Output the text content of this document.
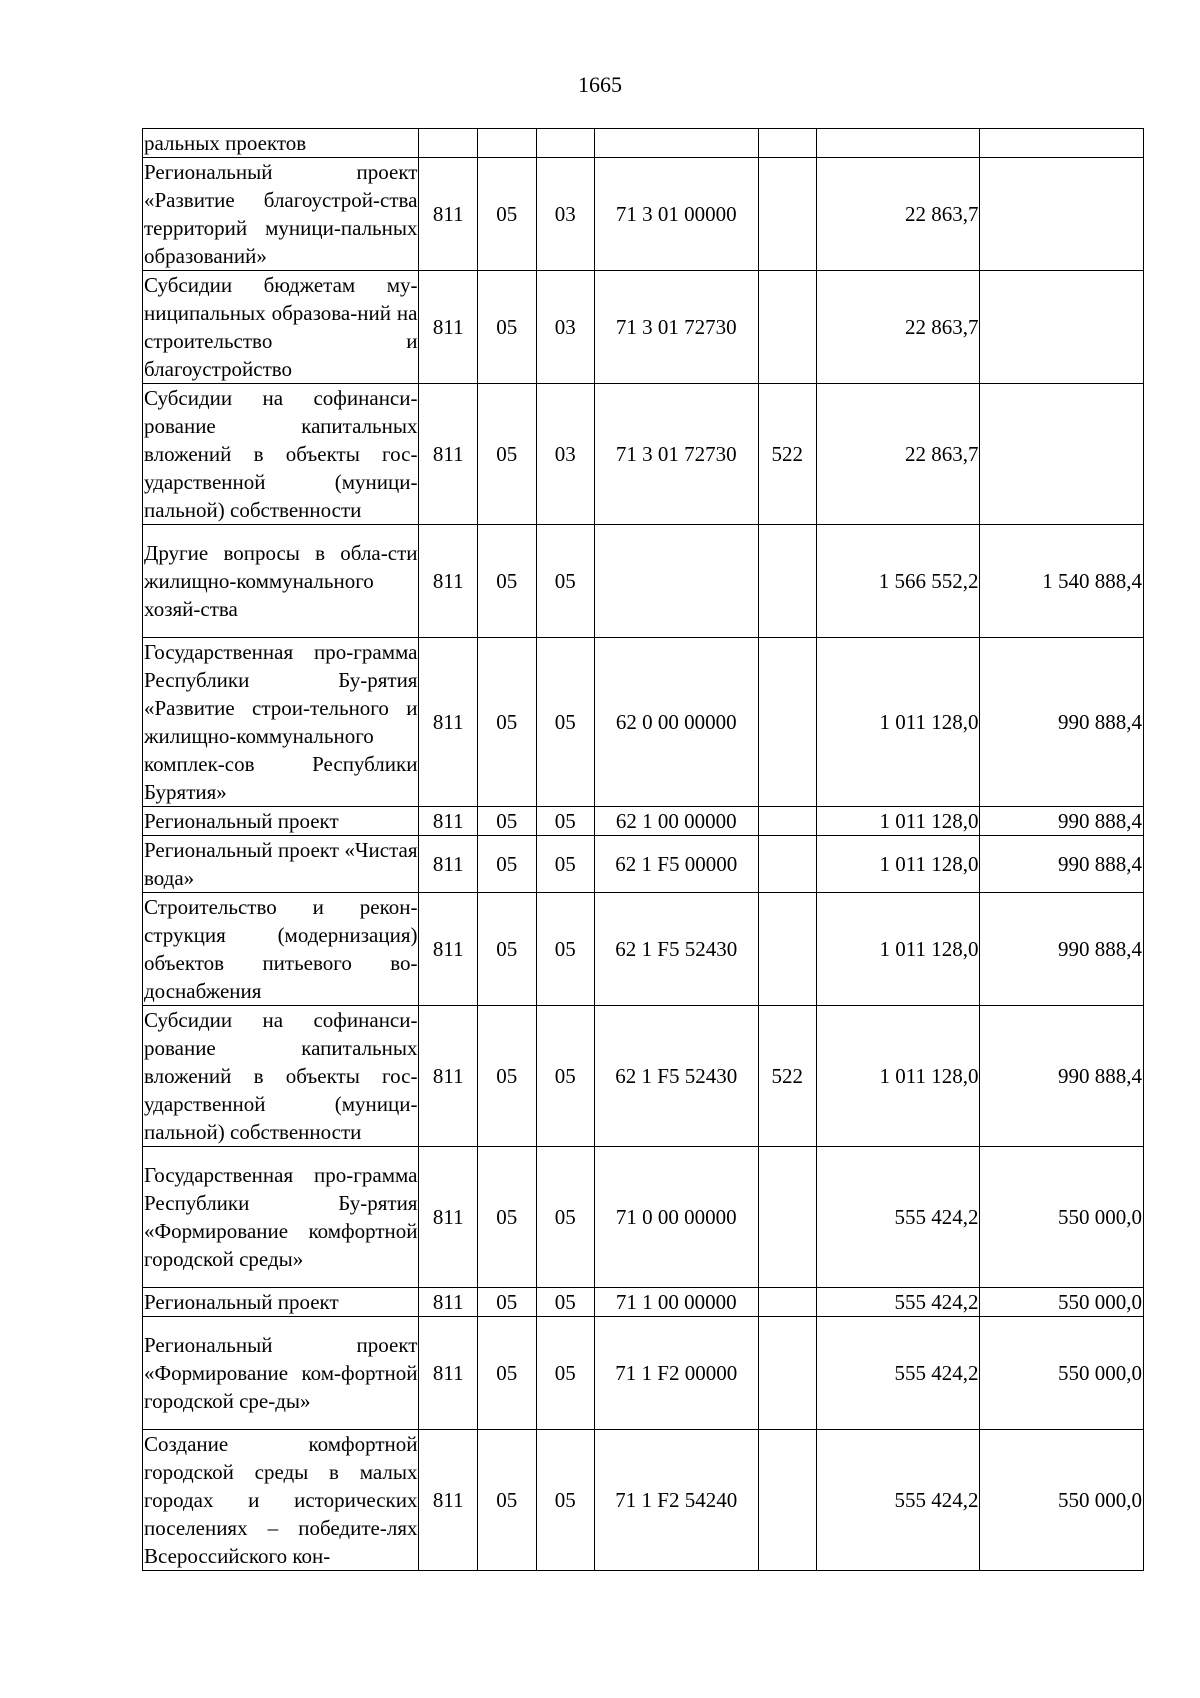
1665
ральных проектов							
Региональный проект «Развитие благоустрой-ства территорий муници-пальных образований»	811	05	03	71 3 01 00000		22 863,7	
Субсидии бюджетам му-ниципальных образова-ний на строительство и благоустройство	811	05	03	71 3 01 72730		22 863,7	
Субсидии на софинанси-рование капитальных вложений в объекты гос-ударственной (муници-пальной) собственности	811	05	03	71 3 01 72730	522	22 863,7	
Другие вопросы в обла-сти жилищно-коммунального хозяй-ства	811	05	05			1 566 552,2	1 540 888,4
Государственная про-грамма Республики Бу-рятия «Развитие строи-тельного и жилищно-коммунального комплек-сов Республики Бурятия»	811	05	05	62 0 00 00000		1 011 128,0	990 888,4
Региональный проект	811	05	05	62 1 00 00000		1 011 128,0	990 888,4
Региональный проект «Чистая вода»	811	05	05	62 1 F5 00000		1 011 128,0	990 888,4
Строительство и рекон-струкция (модернизация) объектов питьевого во-доснабжения	811	05	05	62 1 F5 52430		1 011 128,0	990 888,4
Субсидии на софинанси-рование капитальных вложений в объекты гос-ударственной (муници-пальной) собственности	811	05	05	62 1 F5 52430	522	1 011 128,0	990 888,4
Государственная про-грамма Республики Бу-рятия «Формирование комфортной городской среды»	811	05	05	71 0 00 00000		555 424,2	550 000,0
Региональный проект	811	05	05	71 1 00 00000		555 424,2	550 000,0
Региональный проект «Формирование ком-фортной городской сре-ды»	811	05	05	71 1 F2 00000		555 424,2	550 000,0
Создание комфортной городской среды в малых городах и исторических поселениях – победите-лях Всероссийского кон-	811	05	05	71 1 F2 54240		555 424,2	550 000,0
